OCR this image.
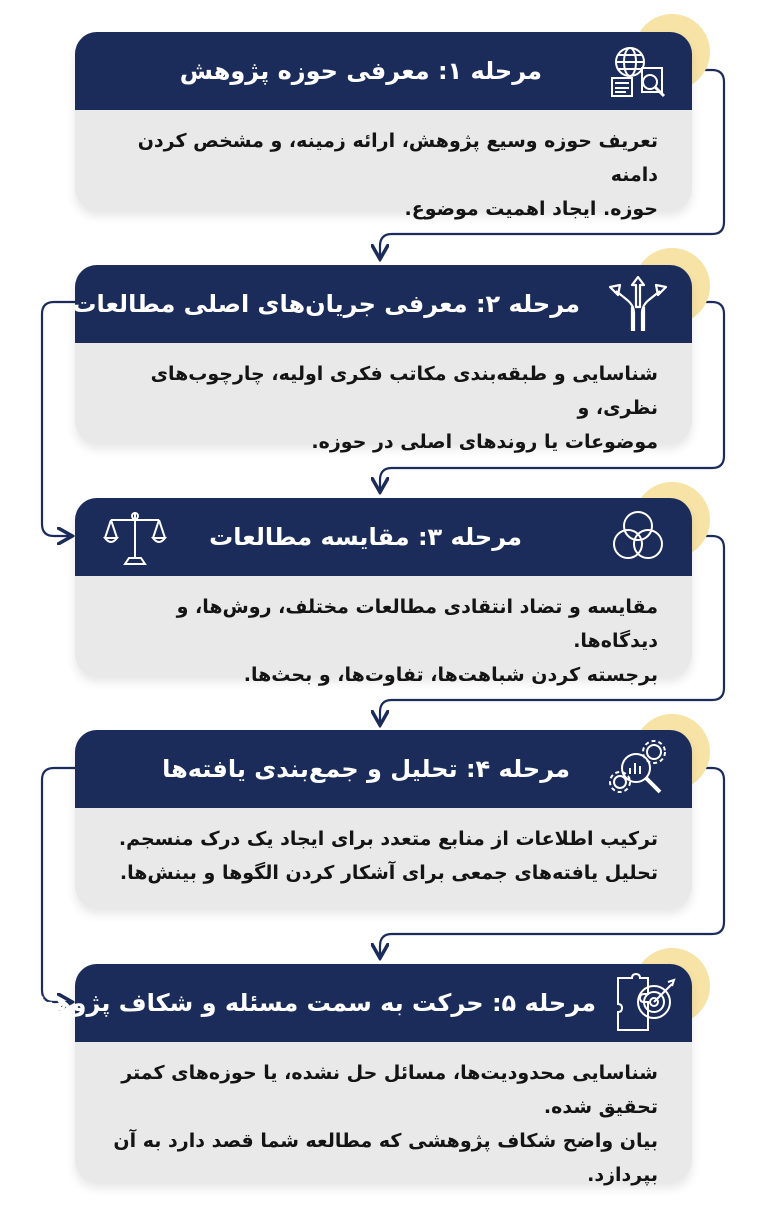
مرحله ۱: معرفی حوزه پژوهش
تعریف حوزه وسیع پژوهش، ارائه زمینه، و مشخص کردن دامنه
حوزه. ایجاد اهمیت موضوع.
مرحله ۲: معرفی جریان‌های اصلی مطالعات
شناسایی و طبقه‌بندی مکاتب فکری اولیه، چارچوب‌های نظری، و
موضوعات یا روندهای اصلی در حوزه.
مرحله ۳: مقایسه مطالعات
مقایسه و تضاد انتقادی مطالعات مختلف، روش‌ها، و دیدگاه‌ها.
برجسته کردن شباهت‌ها، تفاوت‌ها، و بحث‌ها.
مرحله ۴: تحلیل و جمع‌بندی یافته‌ها
ترکیب اطلاعات از منابع متعدد برای ایجاد یک درک منسجم.
تحلیل یافته‌های جمعی برای آشکار کردن الگوها و بینش‌ها.
مرحله ۵: حرکت به سمت مسئله و شکاف پژوهشی
شناسایی محدودیت‌ها، مسائل حل نشده، یا حوزه‌های کمتر
تحقیق شده.
بیان واضح شکاف پژوهشی که مطالعه شما قصد دارد به آن بپردازد.
